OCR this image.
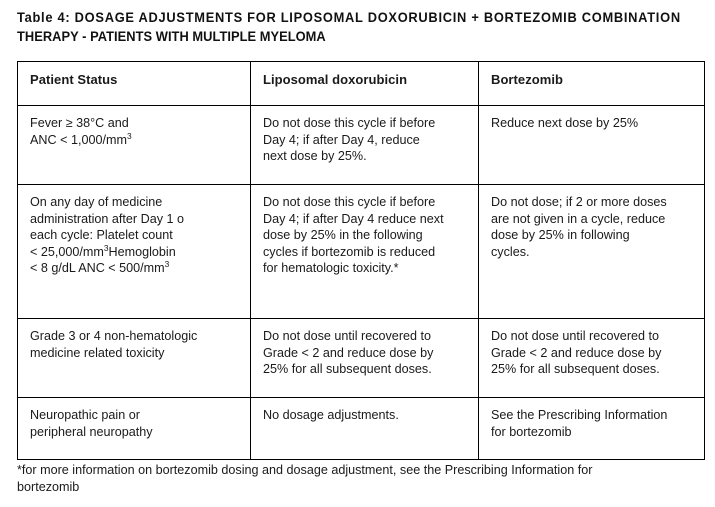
Table 4: DOSAGE ADJUSTMENTS FOR LIPOSOMAL DOXORUBICIN + BORTEZOMIB COMBINATION
THERAPY - PATIENTS WITH MULTIPLE MYELOMA
Patient Status	Liposomal doxorubicin	Bortezomib

Fever ≥ 38°C and
ANC < $1,000/mm^3$	Do not dose this cycle if before
Day 4; if after Day 4, reduce
next dose by 25%.	Reduce next dose by 25%

On any day of medicine
administration after Day 1 o
each cycle: Platelet count
< $25,000/mm^3Hemoglobin$
< 8 g/dL ANC < $500/mm^3$	Do not dose this cycle if before
Day 4; if after Day 4 reduce next
dose by 25% in the following
cycles if bortezomib is reduced
for hematologic toxicity.*	Do not dose; if 2 or more doses
are not given in a cycle, reduce
dose by 25% in following
cycles.

Grade 3 or 4 non-hematologic
medicine related toxicity	Do not dose until recovered to
Grade < 2 and reduce dose by
25% for all subsequent doses.	Do not dose until recovered to
Grade < 2 and reduce dose by
25% for all subsequent doses.

Neuropathic pain or
peripheral neuropathy	No dosage adjustments.	See the Prescribing Information
for bortezomib
*for more information on bortezomib dosing and dosage adjustment, see the Prescribing Information for
bortezomib
